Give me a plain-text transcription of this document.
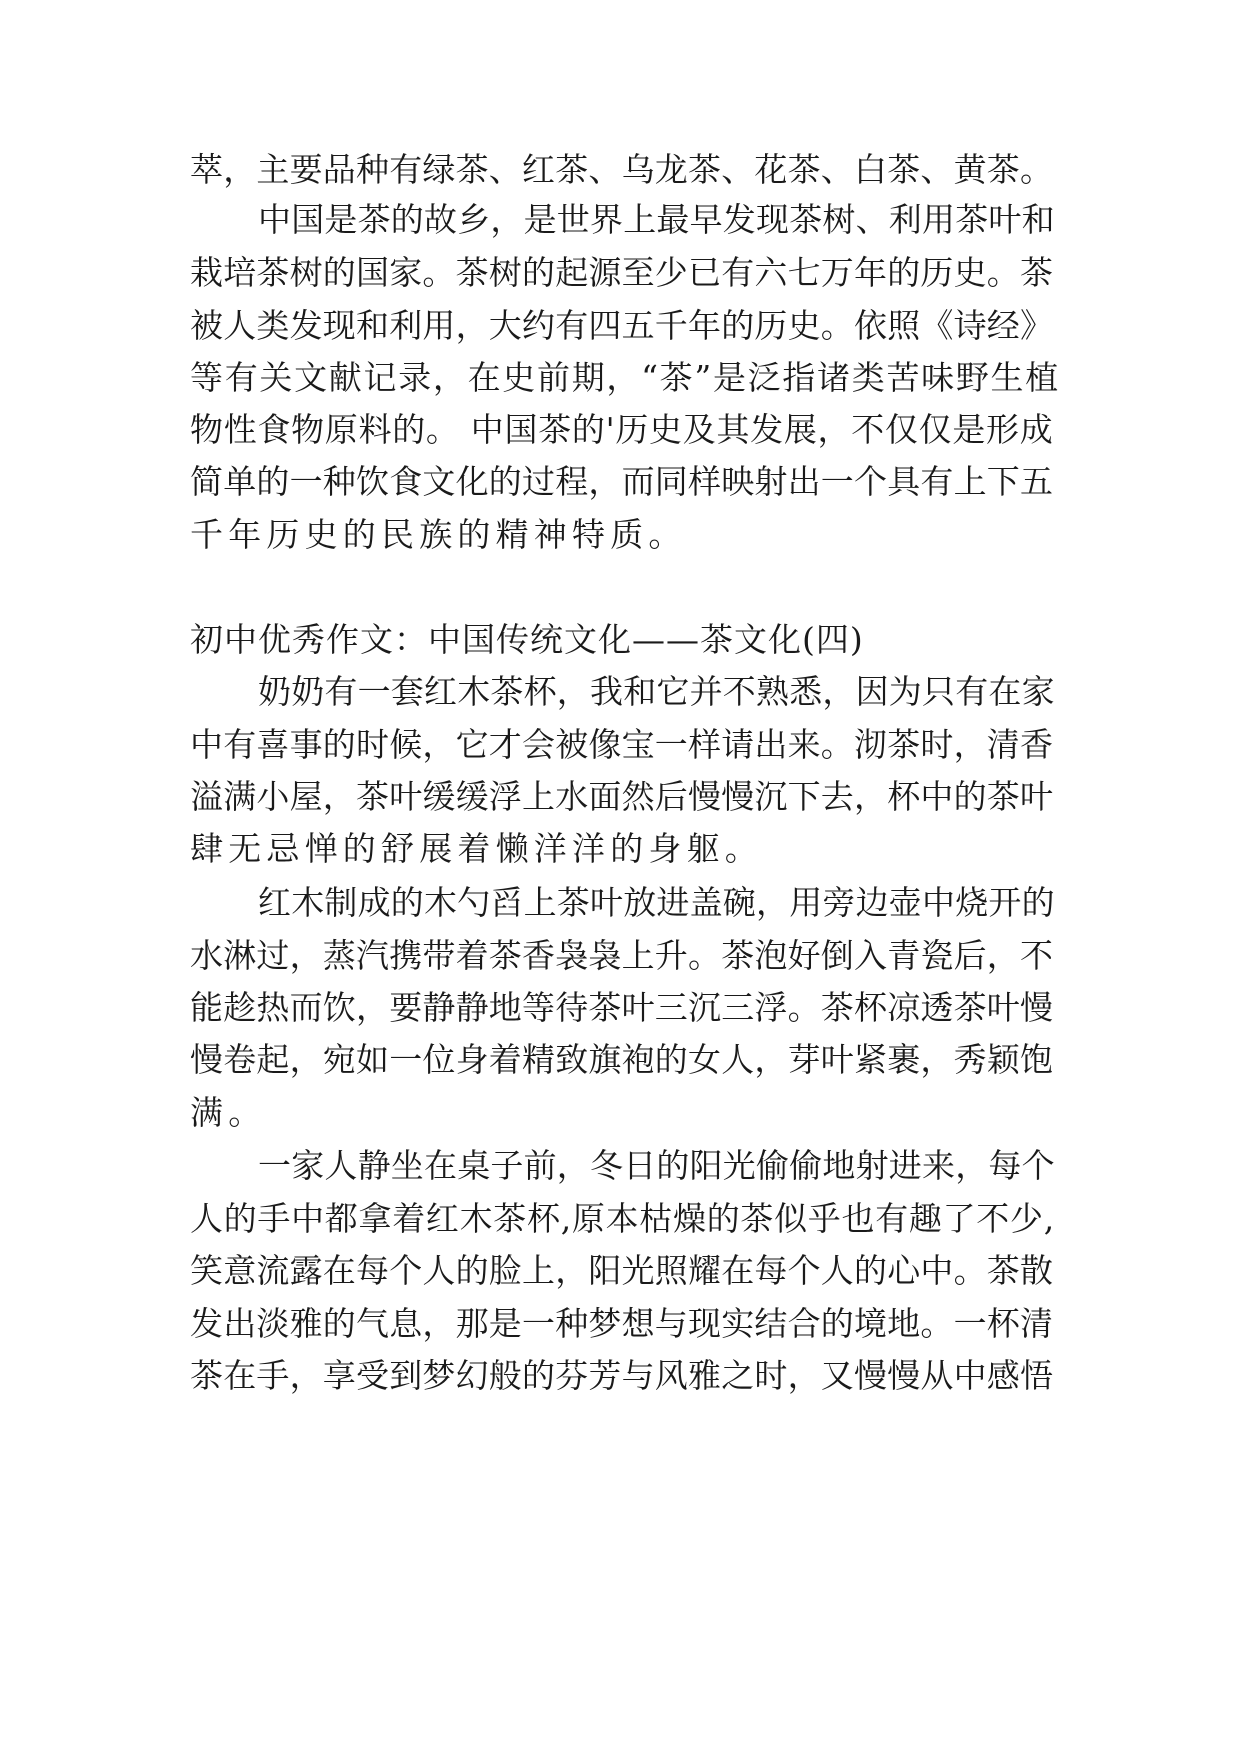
萃，主要品种有绿茶、红茶、乌龙茶、花茶、白茶、黄茶。
中国是茶的故乡，是世界上最早发现茶树、利用茶叶和
栽培茶树的国家。茶树的起源至少已有六七万年的历史。茶
被人类发现和利用，大约有四五千年的历史。依照《诗经》
等有关文献记录，在史前期，“茶”是泛指诸类苦味野生植
物性食物原料的。 中国茶的'历史及其发展，不仅仅是形成
简单的一种饮食文化的过程，而同样映射出一个具有上下五
千年历史的民族的精神特质。
初中优秀作文：中国传统文化——茶文化(四)
奶奶有一套红木茶杯，我和它并不熟悉，因为只有在家
中有喜事的时候，它才会被像宝一样请出来。沏茶时，清香
溢满小屋，茶叶缓缓浮上水面然后慢慢沉下去，杯中的茶叶
肆无忌惮的舒展着懒洋洋的身躯。
红木制成的木勺舀上茶叶放进盖碗，用旁边壶中烧开的
水淋过，蒸汽携带着茶香袅袅上升。茶泡好倒入青瓷后，不
能趁热而饮，要静静地等待茶叶三沉三浮。茶杯凉透茶叶慢
慢卷起，宛如一位身着精致旗袍的女人，芽叶紧裹，秀颖饱
满。
一家人静坐在桌子前，冬日的阳光偷偷地射进来，每个
人的手中都拿着红木茶杯,原本枯燥的茶似乎也有趣了不少,
笑意流露在每个人的脸上，阳光照耀在每个人的心中。茶散
发出淡雅的气息，那是一种梦想与现实结合的境地。一杯清
茶在手，享受到梦幻般的芬芳与风雅之时，又慢慢从中感悟
